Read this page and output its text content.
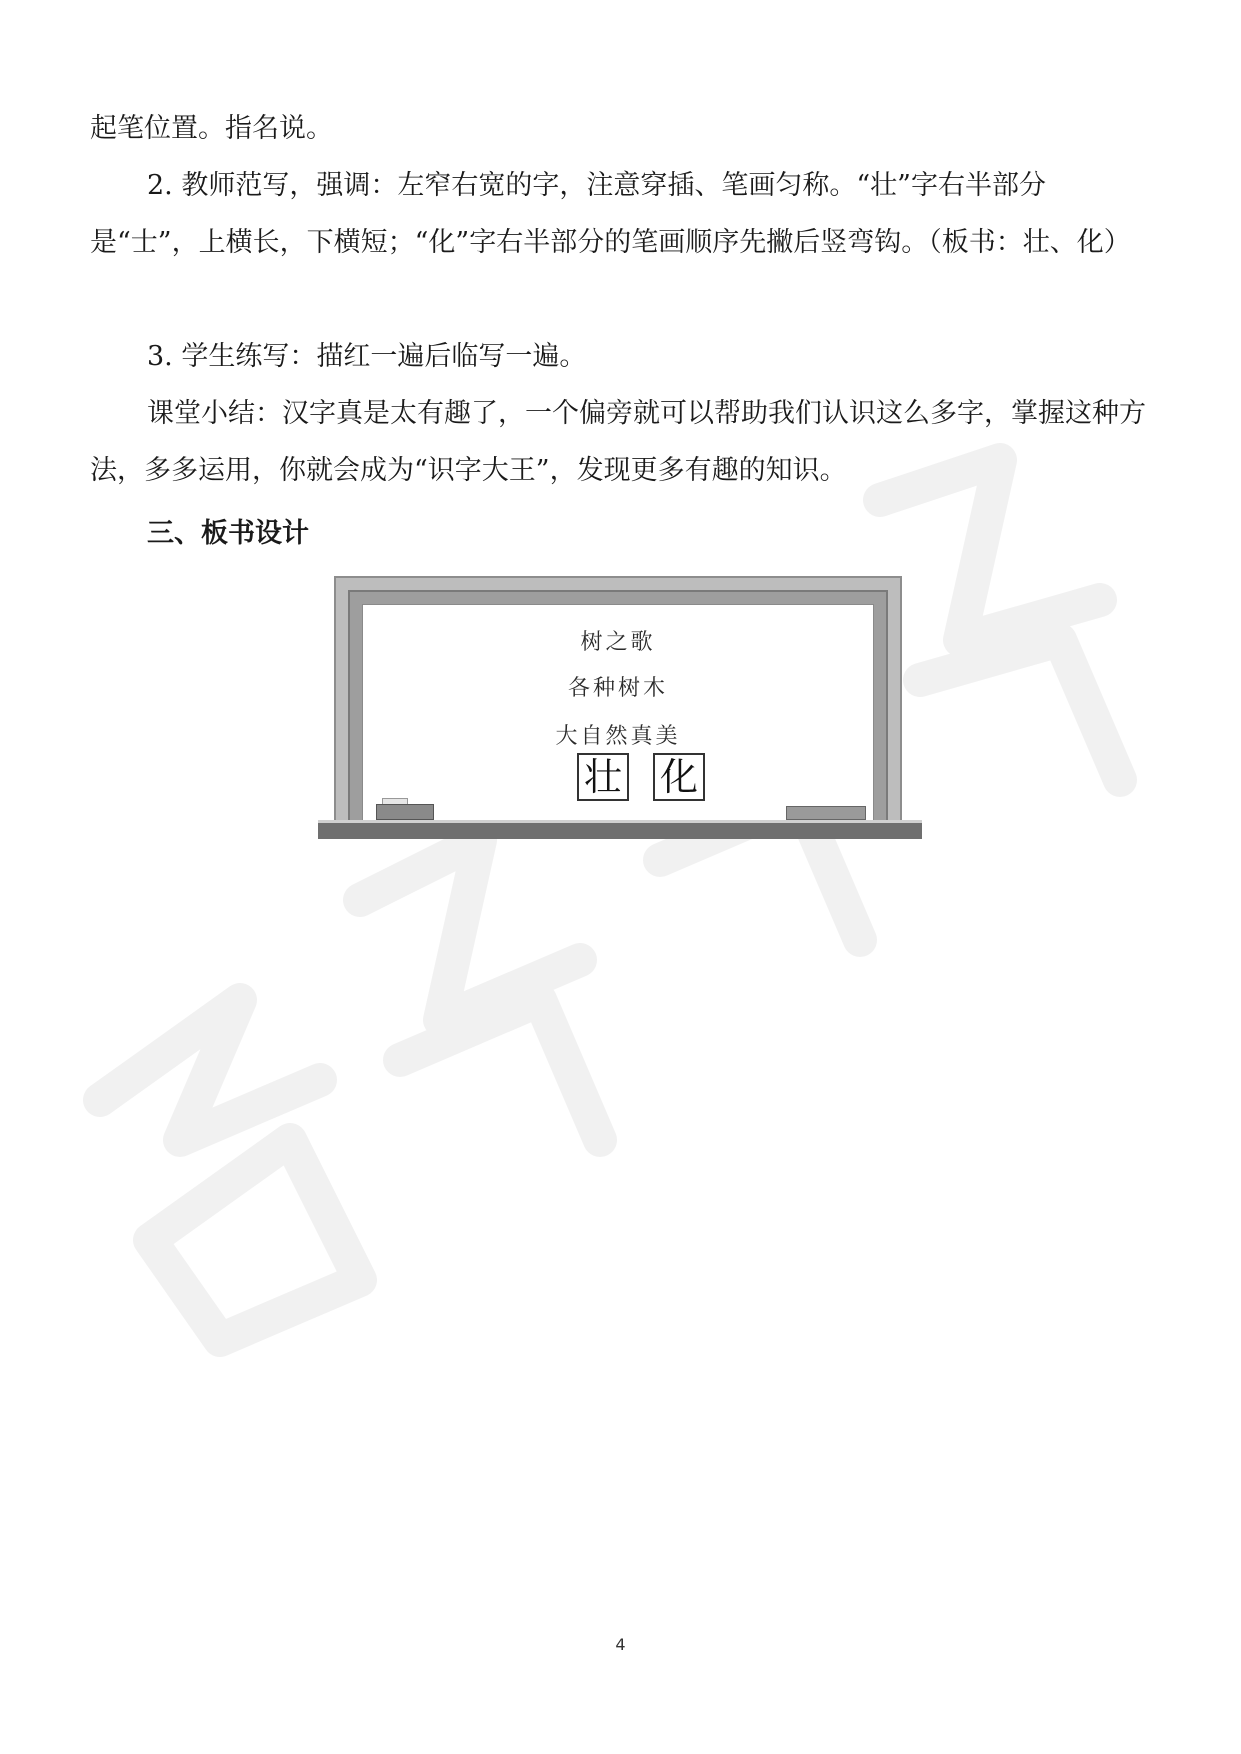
起笔位置。指名说。

2. 教师范写，强调：左窄右宽的字，注意穿插、笔画匀称。“壮”字右半部分是“士”，上横长，下横短；“化”字右半部分的笔画顺序先撇后竖弯钩。（板书：壮、化）

3. 学生练写：描红一遍后临写一遍。

课堂小结：汉字真是太有趣了，一个偏旁就可以帮助我们认识这么多字，掌握这种方法，多多运用，你就会成为“识字大王”，发现更多有趣的知识。

三、板书设计

树之歌
各种树木
大自然真美
壮 化
4
